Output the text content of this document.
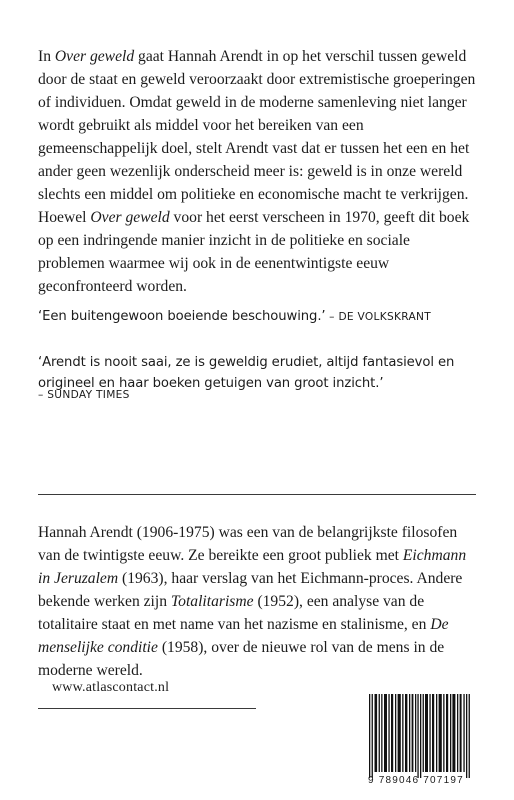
In Over geweld gaat Hannah Arendt in op het verschil tussen geweld door de staat en geweld veroorzaakt door extremistische groeperingen of individuen. Omdat geweld in de moderne samenleving niet langer wordt gebruikt als middel voor het bereiken van een gemeenschappelijk doel, stelt Arendt vast dat er tussen het een en het ander geen wezenlijk onderscheid meer is: geweld is in onze wereld slechts een middel om politieke en economische macht te verkrijgen. Hoewel Over geweld voor het eerst verscheen in 1970, geeft dit boek op een indringende manier inzicht in de politieke en sociale problemen waarmee wij ook in de eenentwintigste eeuw geconfronteerd worden.

‘Een buitengewoon boeiende beschouwing.’ – DE VOLKSKRANT

‘Arendt is nooit saai, ze is geweldig erudiet, altijd fantasievol en origineel en haar boeken getuigen van groot inzicht.’

– SUNDAY TIMES

Hannah Arendt (1906-1975) was een van de belangrijkste filosofen van de twintigste eeuw. Ze bereikte een groot publiek met Eichmann in Jeruzalem (1963), haar verslag van het Eichmann-proces. Andere bekende werken zijn Totalitarisme (1952), een analyse van de totalitaire staat en met name van het nazisme en stalinisme, en De menselijke conditie (1958), over de nieuwe rol van de mens in de moderne wereld.

www.atlascontact.nl
9 789046 707197
